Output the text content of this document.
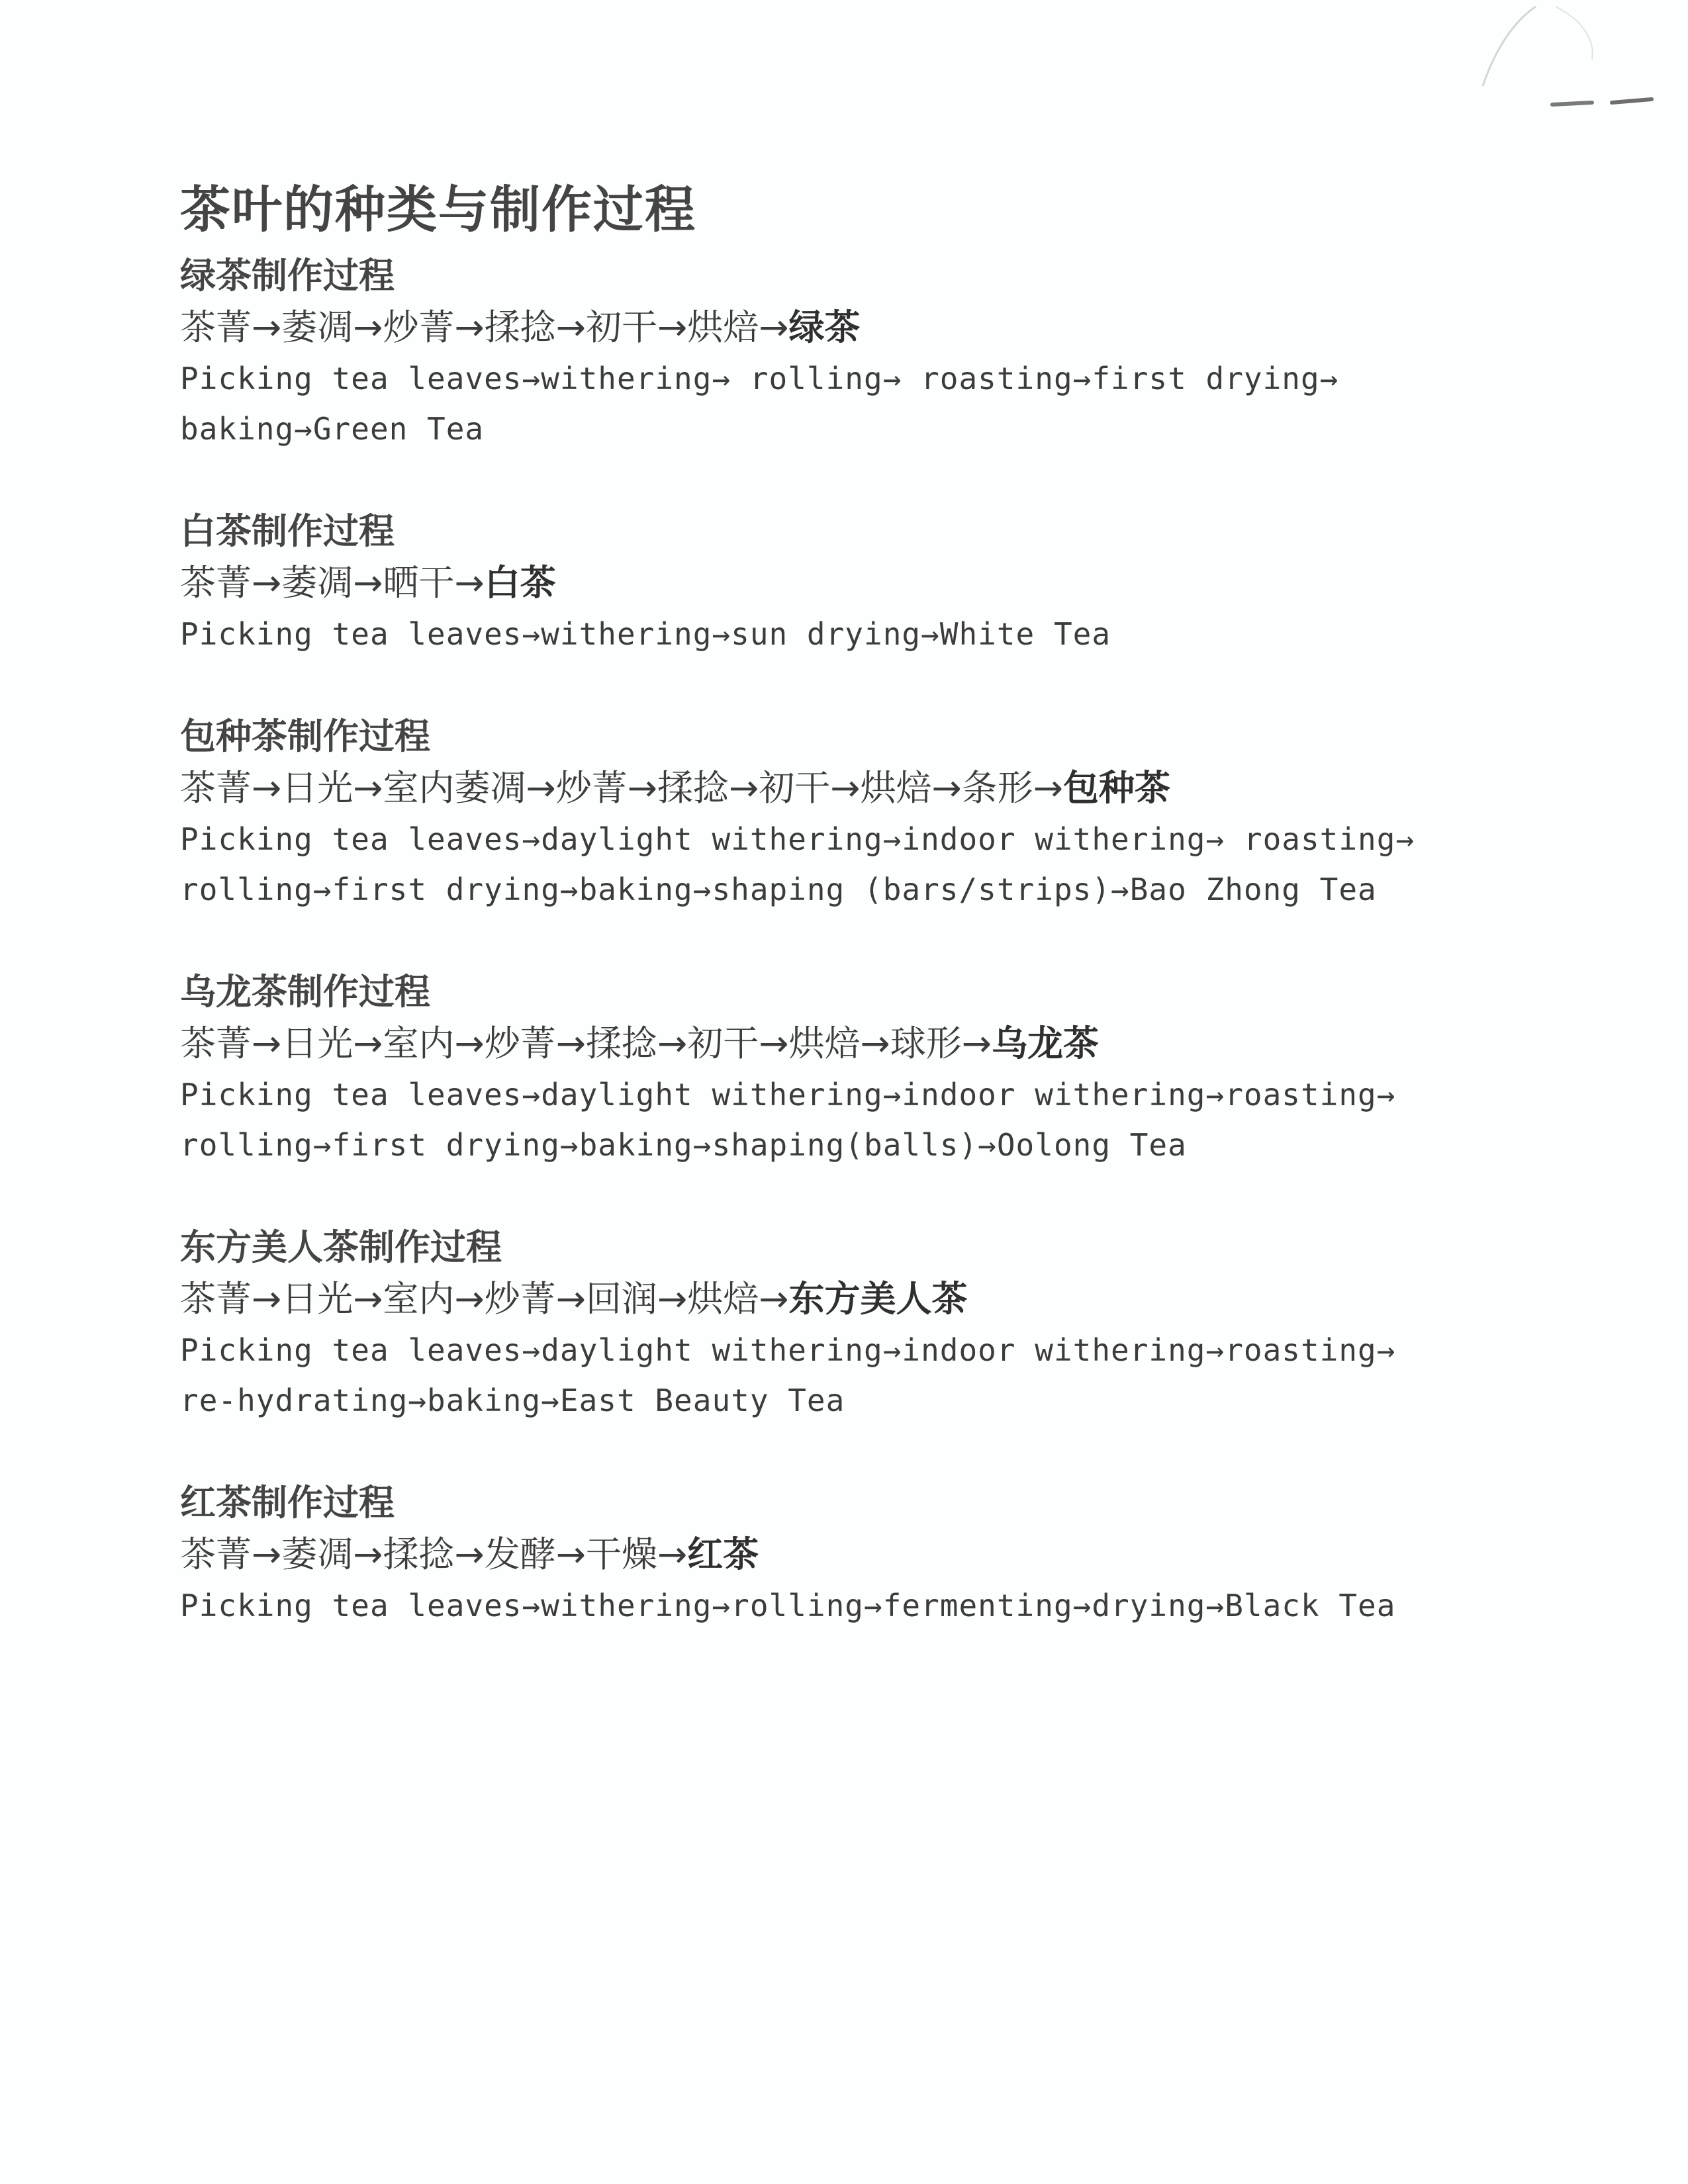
茶叶的种类与制作过程
绿茶制作过程

茶菁→萎凋→炒菁→揉捻→初干→烘焙→绿茶

Picking tea leaves→withering→ rolling→ roasting→first drying→

baking→Green Tea

白茶制作过程

茶菁→萎凋→晒干→白茶

Picking tea leaves→withering→sun drying→White Tea

包种茶制作过程

茶菁→日光→室内萎凋→炒菁→揉捻→初干→烘焙→条形→包种茶

Picking tea leaves→daylight withering→indoor withering→ roasting→

rolling→first drying→baking→shaping (bars/strips)→Bao Zhong Tea

乌龙茶制作过程

茶菁→日光→室内→炒菁→揉捻→初干→烘焙→球形→乌龙茶

Picking tea leaves→daylight withering→indoor withering→roasting→

rolling→first drying→baking→shaping(balls)→Oolong Tea

东方美人茶制作过程

茶菁→日光→室内→炒菁→回润→烘焙→东方美人茶

Picking tea leaves→daylight withering→indoor withering→roasting→

re-hydrating→baking→East Beauty Tea

红茶制作过程

茶菁→萎凋→揉捻→发酵→干燥→红茶

Picking tea leaves→withering→rolling→fermenting→drying→Black Tea
